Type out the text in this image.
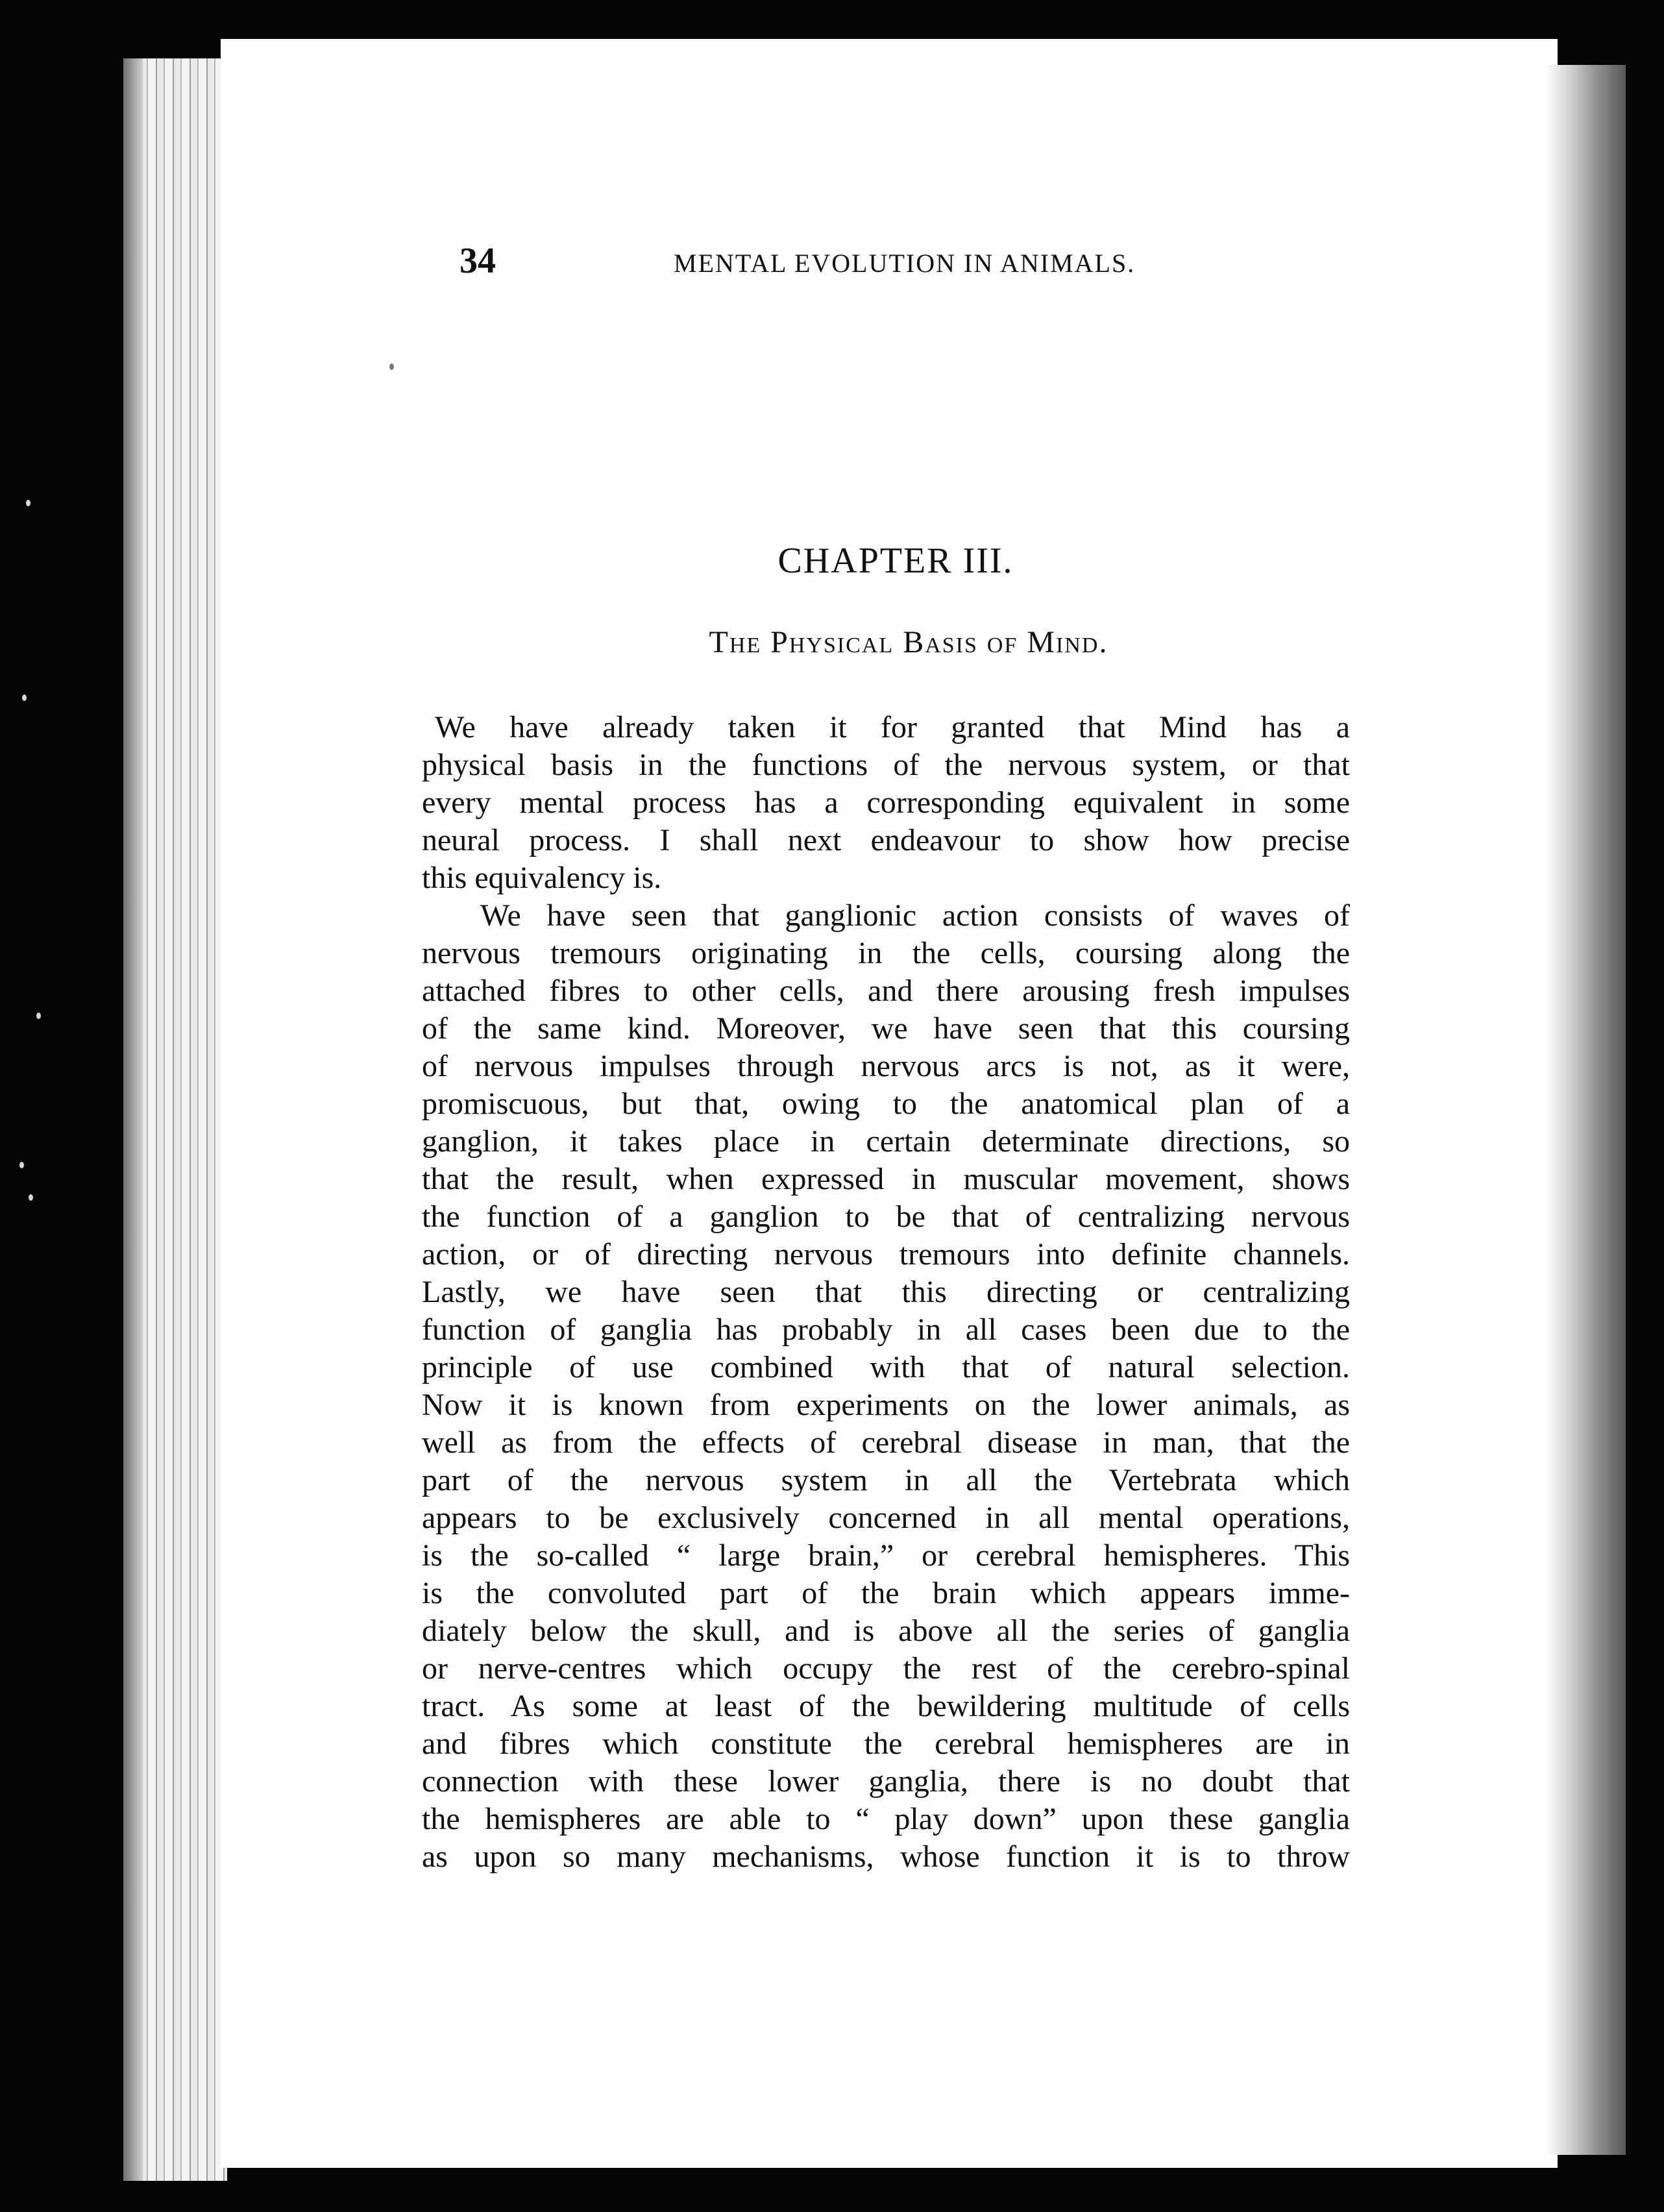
34	MENTAL EVOLUTION IN ANIMALS.
CHAPTER III.
The Physical Basis of Mind.
We have already taken it for granted that Mind has a
physical basis in the functions of the nervous system, or that
every mental process has a corresponding equivalent in some
neural process. I shall next endeavour to show how precise
this equivalency is.
We have seen that ganglionic action consists of waves of
nervous tremours originating in the cells, coursing along the
attached fibres to other cells, and there arousing fresh impulses
of the same kind. Moreover, we have seen that this coursing
of nervous impulses through nervous arcs is not, as it were,
promiscuous, but that, owing to the anatomical plan of a
ganglion, it takes place in certain determinate directions, so
that the result, when expressed in muscular movement, shows
the function of a ganglion to be that of centralizing nervous
action, or of directing nervous tremours into definite channels.
Lastly, we have seen that this directing or centralizing
function of ganglia has probably in all cases been due to the
principle of use combined with that of natural selection.
Now it is known from experiments on the lower animals, as
well as from the effects of cerebral disease in man, that the
part of the nervous system in all the Vertebrata which
appears to be exclusively concerned in all mental operations,
is the so-called “ large brain,” or cerebral hemispheres. This
is the convoluted part of the brain which appears imme-
diately below the skull, and is above all the series of ganglia
or nerve-centres which occupy the rest of the cerebro-spinal
tract. As some at least of the bewildering multitude of cells
and fibres which constitute the cerebral hemispheres are in
connection with these lower ganglia, there is no doubt that
the hemispheres are able to “ play down” upon these ganglia
as upon so many mechanisms, whose function it is to throw
